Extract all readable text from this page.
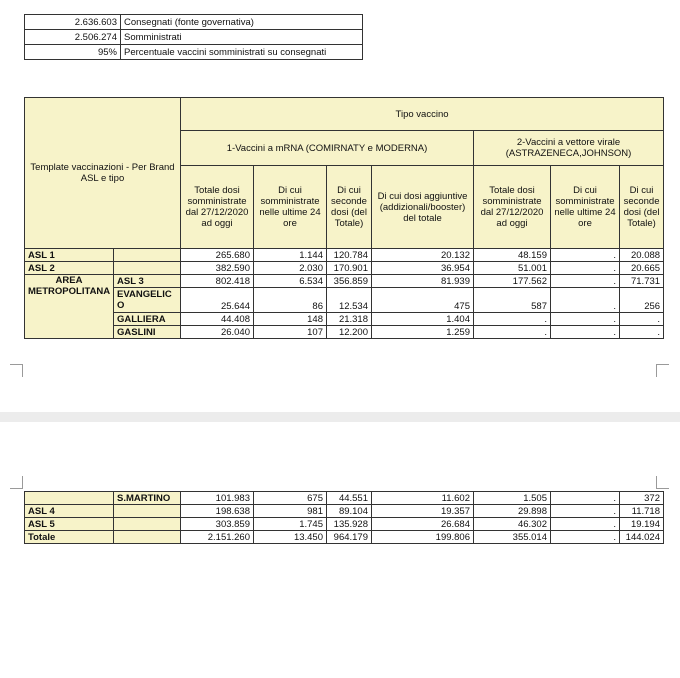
2.636.603	Consegnati (fonte governativa)
2.506.274	Somministrati
95%	Percentuale vaccini somministrati su consegnati
Template vaccinazioni - Per Brand ASL e tipo		Tipo vaccino						
		1-Vaccini a mRNA (COMIRNATY e MODERNA)				2-Vaccini a vettore virale (ASTRAZENECA,JOHNSON)		
		Totale dosi somministrate dal 27/12/2020 ad oggi	Di cui somministrate nelle ultime 24 ore	Di cui seconde dosi (del Totale)	Di cui dosi aggiuntive (addizionali/booster) del totale	Totale dosi somministrate dal 27/12/2020 ad oggi	Di cui somministrate nelle ultime 24 ore	Di cui seconde dosi (del Totale)
ASL 1		265.680	1.144	120.784	20.132	48.159	.	20.088
ASL 2		382.590	2.030	170.901	36.954	51.001	.	20.665
AREA METROPOLITANA	ASL 3	802.418	6.534	356.859	81.939	177.562	.	71.731
	EVANGELICO	25.644	86	12.534	475	587	.	256
	GALLIERA	44.408	148	21.318	1.404	.	.	.
	GASLINI	26.040	107	12.200	1.259	.	.	.
	S.MARTINO	101.983	675	44.551	11.602	1.505	.	372
ASL 4		198.638	981	89.104	19.357	29.898	.	11.718
ASL 5		303.859	1.745	135.928	26.684	46.302	.	19.194
Totale		2.151.260	13.450	964.179	199.806	355.014	.	144.024
